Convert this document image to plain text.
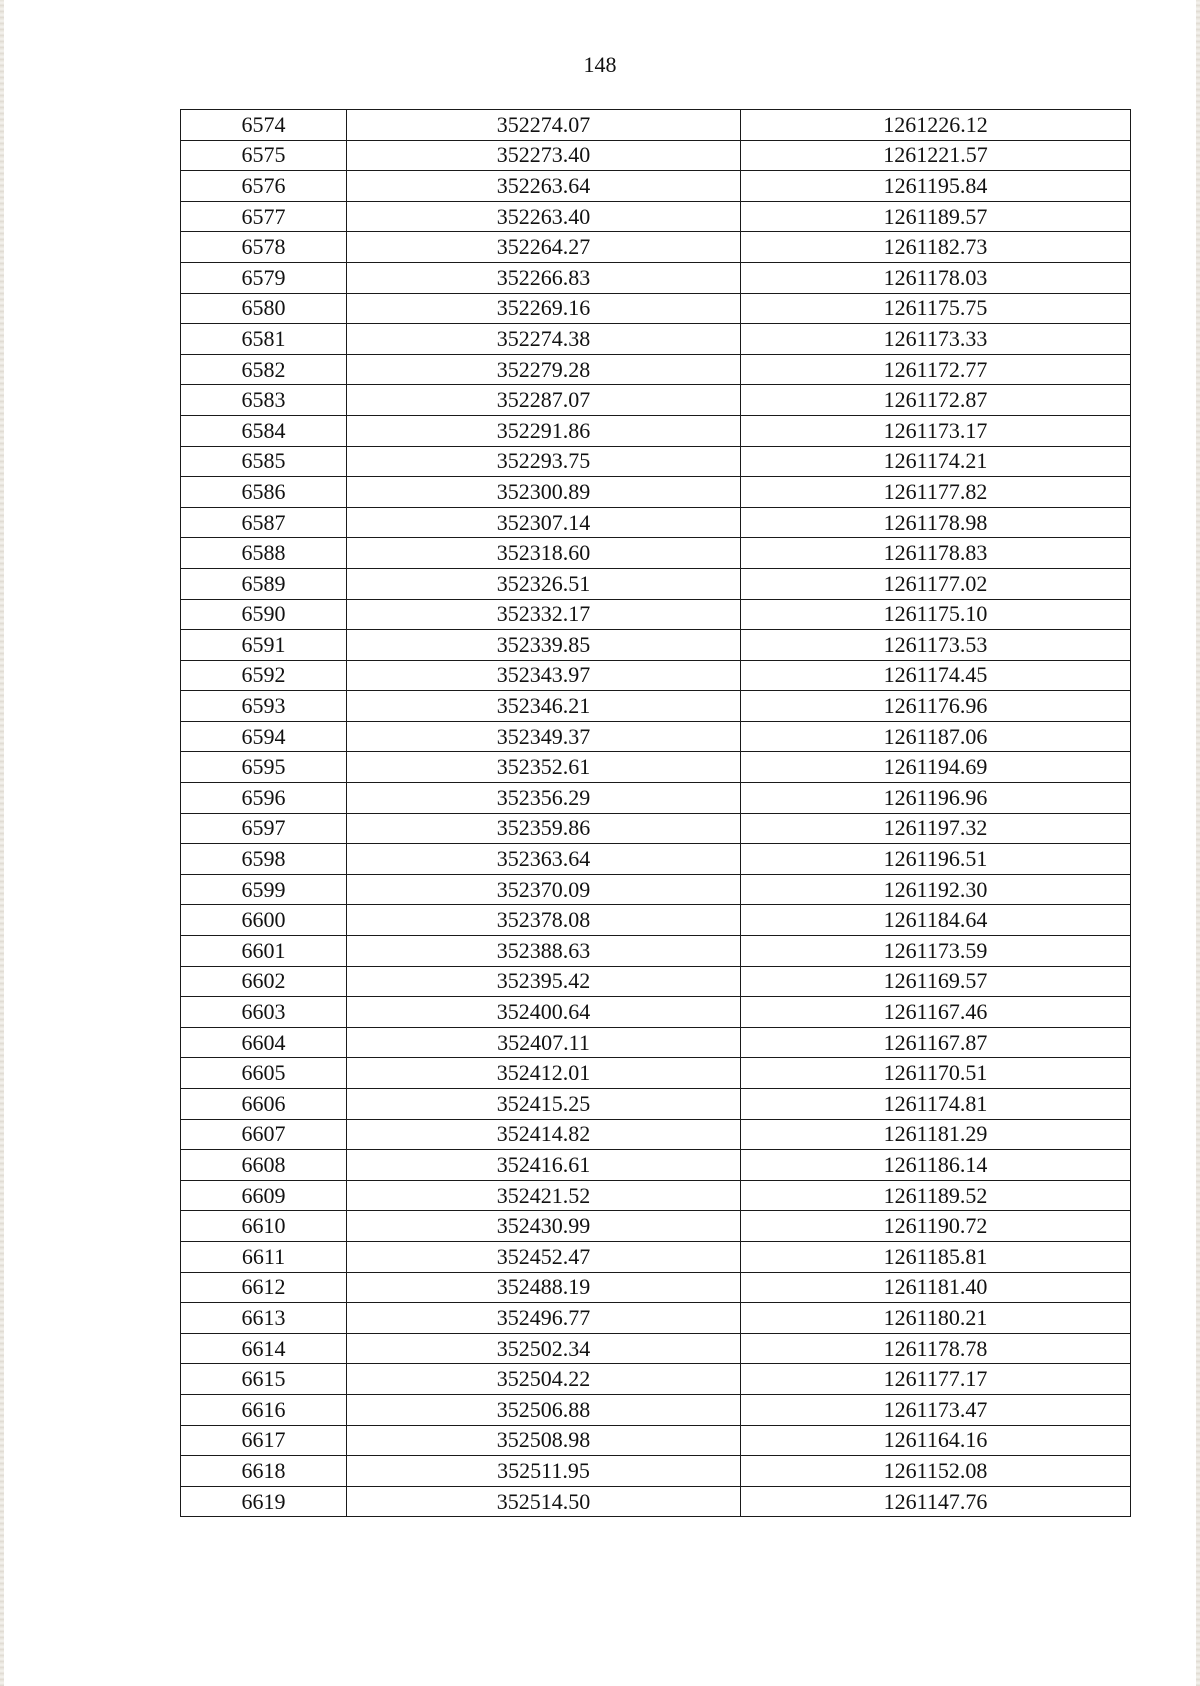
148
6574	352274.07	1261226.12
6575	352273.40	1261221.57
6576	352263.64	1261195.84
6577	352263.40	1261189.57
6578	352264.27	1261182.73
6579	352266.83	1261178.03
6580	352269.16	1261175.75
6581	352274.38	1261173.33
6582	352279.28	1261172.77
6583	352287.07	1261172.87
6584	352291.86	1261173.17
6585	352293.75	1261174.21
6586	352300.89	1261177.82
6587	352307.14	1261178.98
6588	352318.60	1261178.83
6589	352326.51	1261177.02
6590	352332.17	1261175.10
6591	352339.85	1261173.53
6592	352343.97	1261174.45
6593	352346.21	1261176.96
6594	352349.37	1261187.06
6595	352352.61	1261194.69
6596	352356.29	1261196.96
6597	352359.86	1261197.32
6598	352363.64	1261196.51
6599	352370.09	1261192.30
6600	352378.08	1261184.64
6601	352388.63	1261173.59
6602	352395.42	1261169.57
6603	352400.64	1261167.46
6604	352407.11	1261167.87
6605	352412.01	1261170.51
6606	352415.25	1261174.81
6607	352414.82	1261181.29
6608	352416.61	1261186.14
6609	352421.52	1261189.52
6610	352430.99	1261190.72
6611	352452.47	1261185.81
6612	352488.19	1261181.40
6613	352496.77	1261180.21
6614	352502.34	1261178.78
6615	352504.22	1261177.17
6616	352506.88	1261173.47
6617	352508.98	1261164.16
6618	352511.95	1261152.08
6619	352514.50	1261147.76
